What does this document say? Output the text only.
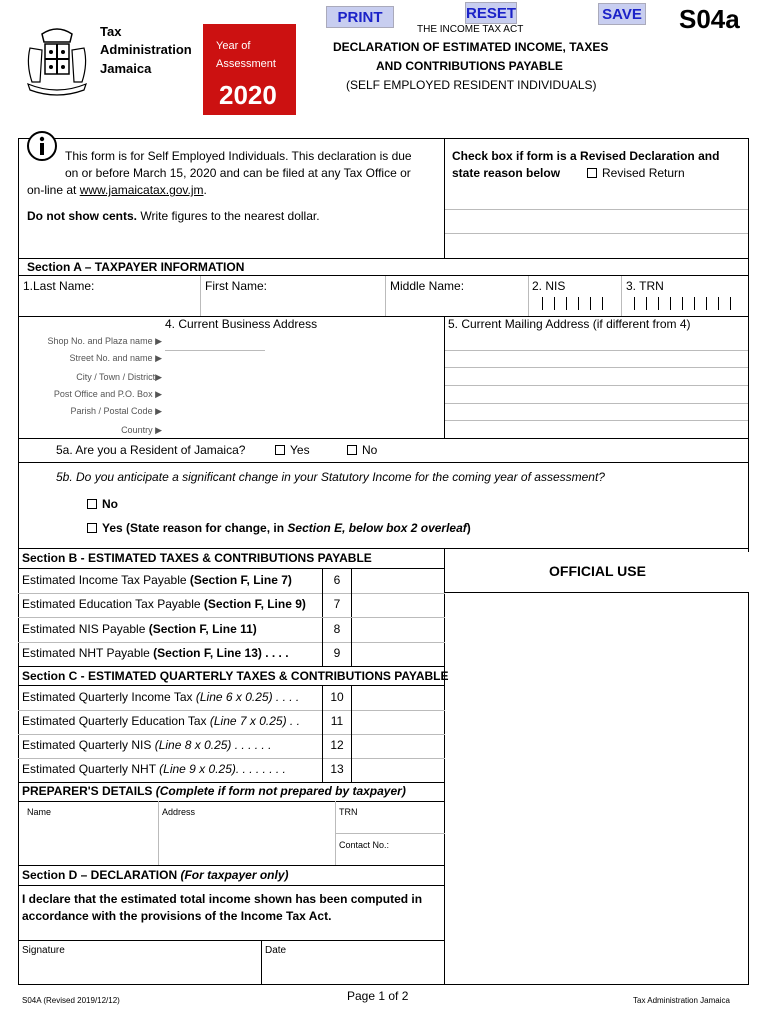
PRINT	RESET	SAVE S04a
Tax
Administration
Jamaica
Year of
Assessment
2020
THE INCOME TAX ACT
DECLARATION OF ESTIMATED INCOME, TAXES
AND CONTRIBUTIONS PAYABLE
(SELF EMPLOYED RESIDENT INDIVIDUALS)
This form is for Self Employed Individuals. This declaration is due
on or before March 15, 2020 and can be filed at any Tax Office or
on-line at www.jamaicatax.gov.jm.
Do not show cents. Write figures to the nearest dollar.
Check box if form is a Revised Declaration and
state reason below	Revised Return
Section A – TAXPAYER INFORMATION
1.Last Name:	First Name:	Middle Name:	2. NIS	3. TRN
4. Current Business Address	5. Current Mailing Address (if different from 4)
Shop No. and Plaza name ▶
Street No. and name ▶
City / Town / District▶
Post Office and P.O. Box ▶
Parish / Postal Code ▶
Country ▶
5a. Are you a Resident of Jamaica?	Yes	No
5b. Do you anticipate a significant change in your Statutory Income for the coming year of assessment?
No
Yes (State reason for change, in Section E, below box 2 overleaf)
Section B - ESTIMATED TAXES & CONTRIBUTIONS PAYABLE
OFFICIAL USE
Estimated Income Tax Payable (Section F, Line 7)	6
Estimated Education Tax Payable (Section F, Line 9)	7
Estimated NIS Payable (Section F, Line 11)	8
Estimated NHT Payable (Section F, Line 13) . . . .	9
Estimated Quarterly Income Tax (Line 6 x 0.25) . . . .	10
Estimated Quarterly Education Tax (Line 7 x 0.25) . .	11
Estimated Quarterly NIS (Line 8 x 0.25) . . . . . .	12
Estimated Quarterly NHT (Line 9 x 0.25). . . . . . . .	13
Section C - ESTIMATED QUARTERLY TAXES & CONTRIBUTIONS PAYABLE
PREPARER'S DETAILS (Complete if form not prepared by taxpayer)
Name	Address	TRN
Contact No.:
Section D – DECLARATION (For taxpayer only)
I declare that the estimated total income shown has been computed in
accordance with the provisions of the Income Tax Act.
Signature	Date
S04A (Revised 2019/12/12)	Page 1 of 2	Tax Administration Jamaica
